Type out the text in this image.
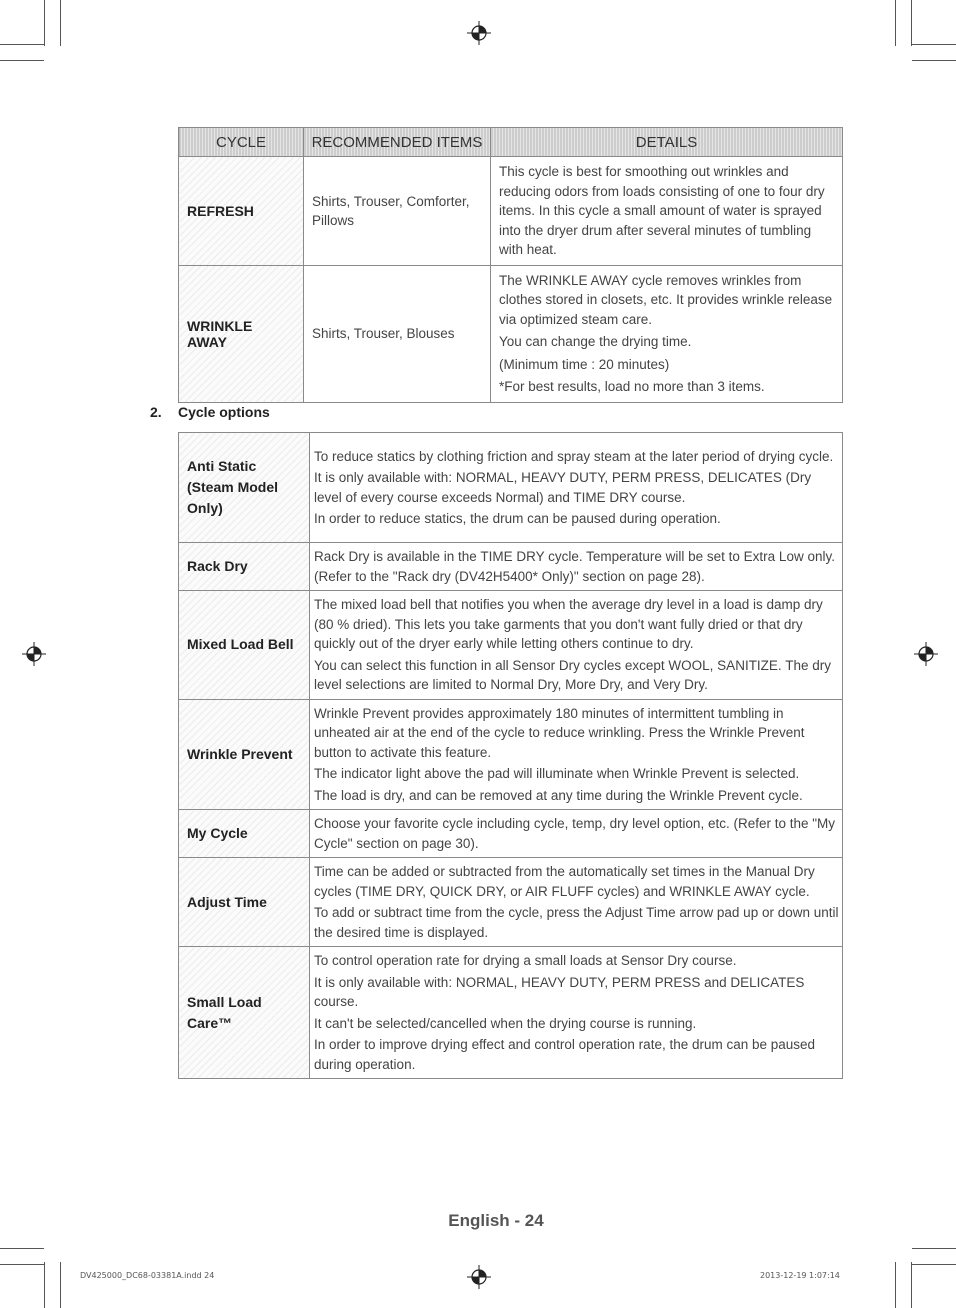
CYCLE	RECOMMENDED ITEMS	DETAILS
REFRESH	Shirts, Trouser, Comforter, Pillows	This cycle is best for smoothing out wrinkles and reducing odors from loads consisting of one to four dry items. In this cycle a small amount of water is sprayed into the dryer drum after several minutes of tumbling with heat.

WRINKLE AWAY	Shirts, Trouser, Blouses	The WRINKLE AWAY cycle removes wrinkles from clothes stored in closets, etc. It provides wrinkle release via optimized steam care.

You can change the drying time.

(Minimum time : 20 minutes)

*For best results, load no more than 3 items.

2. Cycle options
Anti Static (Steam Model Only)	To reduce statics by clothing friction and spray steam at the later period of drying cycle.

It is only available with: NORMAL, HEAVY DUTY, PERM PRESS, DELICATES (Dry level of every course exceeds Normal) and TIME DRY course.

In order to reduce statics, the drum can be paused during operation.

Rack Dry	Rack Dry is available in the TIME DRY cycle. Temperature will be set to Extra Low only. (Refer to the "Rack dry (DV42H5400* Only)" section on page 28).

Mixed Load Bell	The mixed load bell that notifies you when the average dry level in a load is damp dry (80 % dried). This lets you take garments that you don't want fully dried or that dry quickly out of the dryer early while letting others continue to dry.

You can select this function in all Sensor Dry cycles except WOOL, SANITIZE. The dry level selections are limited to Normal Dry, More Dry, and Very Dry.

Wrinkle Prevent	Wrinkle Prevent provides approximately 180 minutes of intermittent tumbling in unheated air at the end of the cycle to reduce wrinkling. Press the Wrinkle Prevent button to activate this feature.

The indicator light above the pad will illuminate when Wrinkle Prevent is selected.

The load is dry, and can be removed at any time during the Wrinkle Prevent cycle.

My Cycle	Choose your favorite cycle including cycle, temp, dry level option, etc. (Refer to the "My Cycle" section on page 30).

Adjust Time	Time can be added or subtracted from the automatically set times in the Manual Dry cycles (TIME DRY, QUICK DRY, or AIR FLUFF cycles) and WRINKLE AWAY cycle.

To add or subtract time from the cycle, press the Adjust Time arrow pad up or down until the desired time is displayed.

Small Load Care™	To control operation rate for drying a small loads at Sensor Dry course.

It is only available with: NORMAL, HEAVY DUTY, PERM PRESS and DELICATES course.

It can't be selected/cancelled when the drying course is running.

In order to improve drying effect and control operation rate, the drum can be paused during operation.

English - 24
DV425000_DC68-03381A.indd 24	2013-12-19 1:07:14
